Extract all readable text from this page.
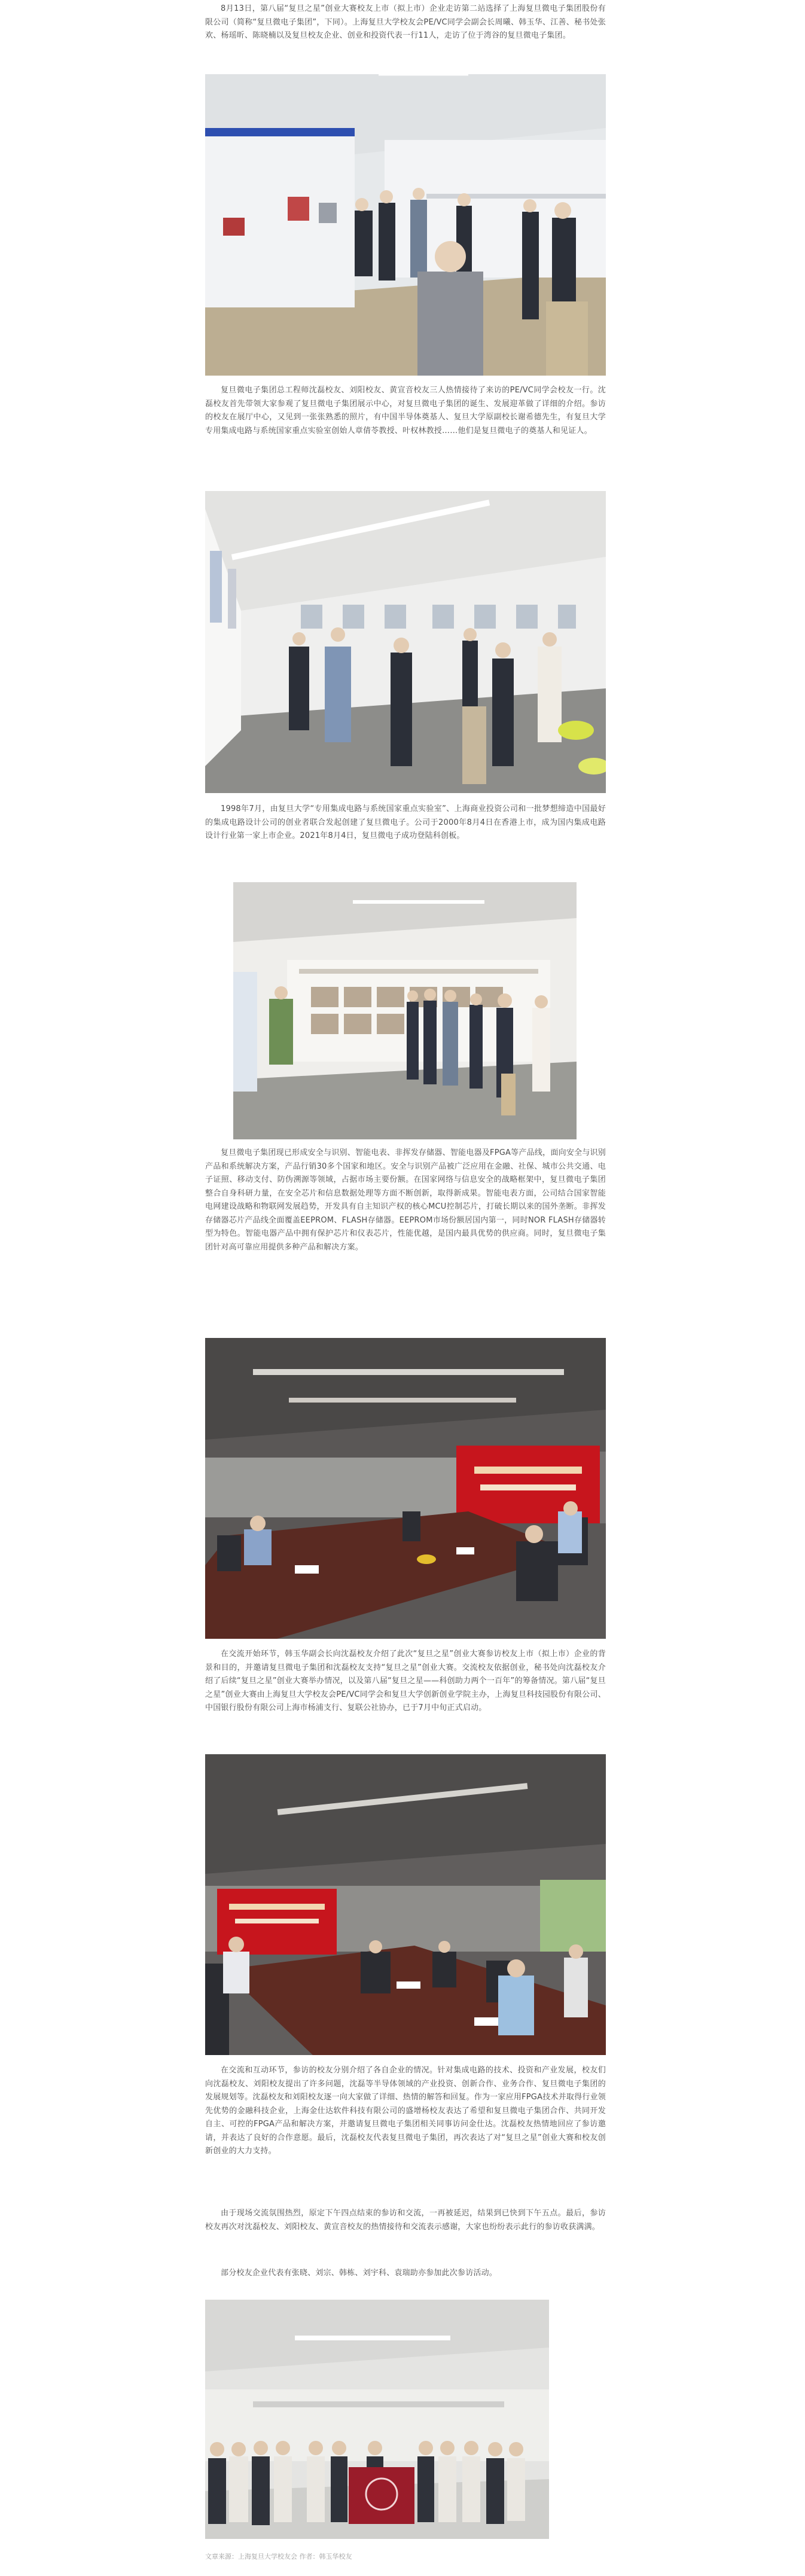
8月13日，第八届“复旦之星”创业大赛校友上市（拟上市）企业走访第二站选择了上海复旦微电子集团股份有限公司（简称“复旦微电子集团”，下同）。上海复旦大学校友会PE/VC同学会副会长周曦、韩玉华、江善、秘书处张欢、杨瑶昕、陈晓楠以及复旦校友企业、创业和投资代表一行11人，走访了位于湾谷的复旦微电子集团。

复旦微电子集团总工程师沈磊校友、刘阳校友、黄宣音校友三人热情接待了来访的PE/VC同学会校友一行。沈磊校友首先带领大家参观了复旦微电子集团展示中心，对复旦微电子集团的诞生、发展迎革做了详细的介绍。参访的校友在展厅中心，又见到一张张熟悉的照片，有中国半导体奠基人、复旦大学原副校长谢希德先生，有复旦大学专用集成电路与系统国家重点实验室创始人章倩苓教授、叶权林教授……他们是复旦微电子的奠基人和见证人。

1998年7月，由复旦大学“专用集成电路与系统国家重点实验室”、上海商业投资公司和一批梦想缔造中国最好的集成电路设计公司的创业者联合发起创建了复旦微电子。公司于2000年8月4日在香港上市，成为国内集成电路设计行业第一家上市企业。2021年8月4日，复旦微电子成功登陆科创板。

复旦微电子集团现已形成安全与识别、智能电表、非挥发存储器、智能电器及FPGA等产品线，面向安全与识别产品和系统解决方案，产品行销30多个国家和地区。安全与识别产品被广泛应用在金融、社保、城市公共交通、电子证照、移动支付、防伪溯源等领域，占据市场主要份额。在国家网络与信息安全的战略框架中，复旦微电子集团整合自身科研力量，在安全芯片和信息数据处理等方面不断创新，取得新成果。智能电表方面，公司结合国家智能电网建设战略和物联网发展趋势，开发具有自主知识产权的核心MCU控制芯片，打破长期以来的国外垄断。非挥发存储器芯片产品线全面覆盖EEPROM、FLASH存储器。EEPROM市场份额居国内第一，同时NOR FLASH存储器转型为特色。智能电器产品中拥有保护芯片和仪表芯片，性能优越，是国内最具优势的供应商。同时，复旦微电子集团针对高可靠应用提供多种产品和解决方案。

在交流开始环节，韩玉华副会长向沈磊校友介绍了此次“复旦之星”创业大赛参访校友上市（拟上市）企业的背景和目的，并邀请复旦微电子集团和沈磊校友支持“复旦之星”创业大赛。交流校友依据创业，秘书处向沈磊校友介绍了后续“复旦之星”创业大赛举办情况，以及第八届“复旦之星——科创助力两个一百年”的筹备情况。第八届“复旦之星”创业大赛由上海复旦大学校友会PE/VC同学会和复旦大学创新创业学院主办，上海复旦科技园股份有限公司、中国银行股份有限公司上海市杨浦支行、复联公社协办，已于7月中旬正式启动。

在交流和互动环节，参访的校友分别介绍了各自企业的情况。针对集成电路的技术、投资和产业发展，校友们向沈磊校友、刘阳校友提出了许多问题，沈磊等半导体领域的产业投资、创新合作、业务合作、复旦微电子集团的发展规划等。沈磊校友和刘阳校友逐一向大家做了详细、热情的解答和回复。作为一家应用FPGA技术并取得行业领先优势的金融科技企业，上海金仕达软件科技有限公司的盛增杨校友表达了希望和复旦微电子集团合作、共同开发自主、可控的FPGA产品和解决方案，并邀请复旦微电子集团相关同事访问金仕达。沈磊校友热情地回应了参访邀请，并表达了良好的合作意愿。最后，沈磊校友代表复旦微电子集团，再次表达了对“复旦之星”创业大赛和校友创新创业的大力支持。

由于现场交流氛围热烈，原定下午四点结束的参访和交流，一再被延迟，结果到已快到下午五点。最后，参访校友再次对沈磊校友、刘阳校友、黄宣音校友的热情接待和交流表示感谢，大家也纷纷表示此行的参访收获满满。

部分校友企业代表有张晓、刘宗、韩栋、刘宇科、袁瑞助亦参加此次参访活动。

文章来源：上海复旦大学校友会 作者：韩玉华校友
